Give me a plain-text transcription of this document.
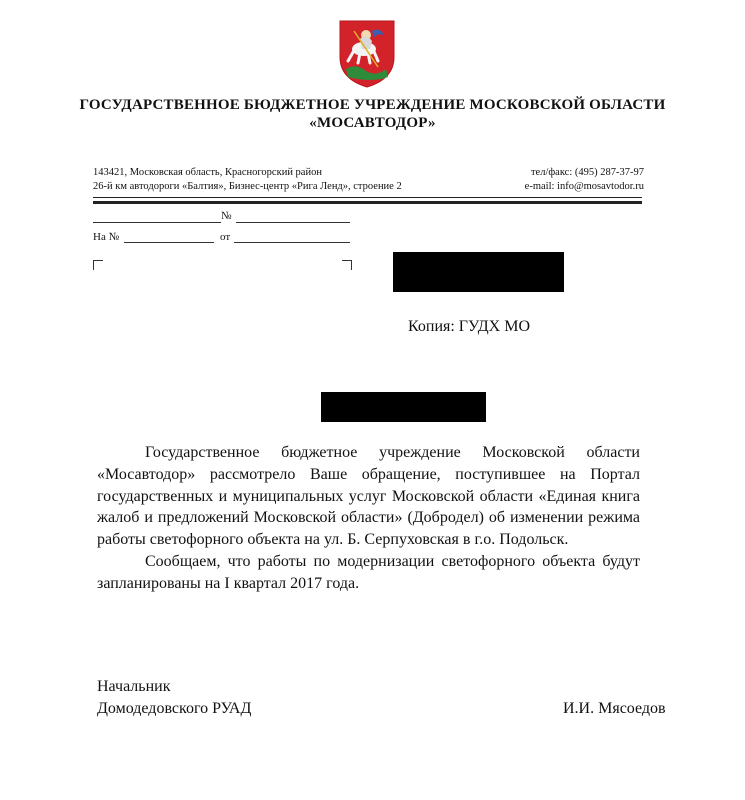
ГОСУДАРСТВЕННОЕ БЮДЖЕТНОЕ УЧРЕЖДЕНИЕ МОСКОВСКОЙ ОБЛАСТИ
«МОСАВТОДОР»
143421, Московская область, Красногорский район
26-й км автодороги «Балтия», Бизнес-центр «Рига Ленд», строение 2
тел/факс: (495) 287-37-97
e-mail: info@mosavtodor.ru
№
На №	от
Копия: ГУДХ МО

Государственное бюджетное учреждение Московской области «Мосавтодор» рассмотрело Ваше обращение, поступившее на Портал государственных и муниципальных услуг Московской области «Единая книга жалоб и предложений Московской области» (Добродел) об изменении режима работы светофорного объекта на ул. Б. Серпуховская в г.о. Подольск.

Сообщаем, что работы по модернизации светофорного объекта будут запланированы на I квартал 2017 года.

Начальник
Домодедовского РУАД	И.И. Мясоедов
